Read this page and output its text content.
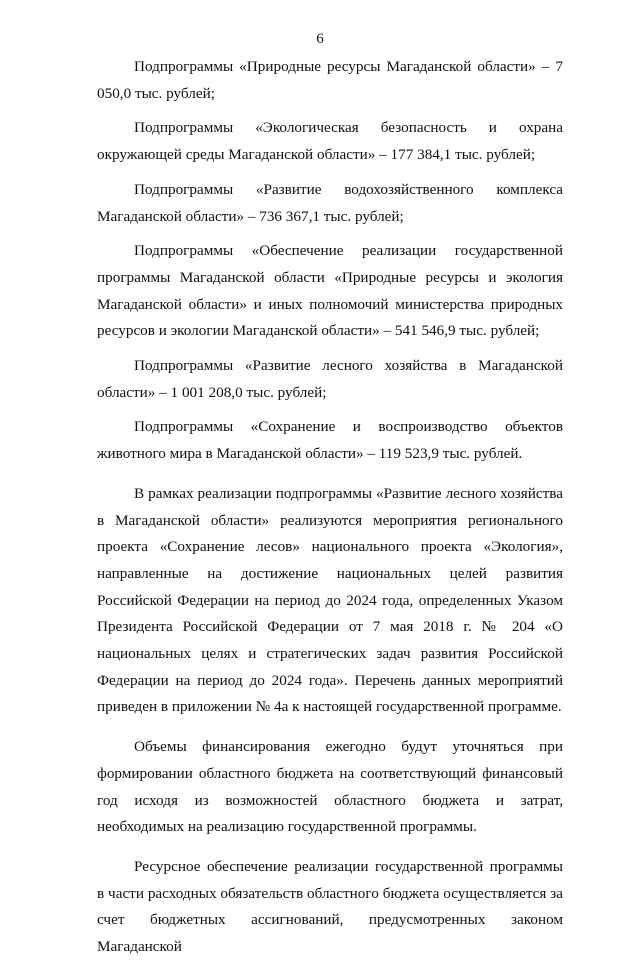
6

Подпрограммы «Природные ресурсы Магаданской области» – 7 050,0 тыс. рублей;

Подпрограммы «Экологическая безопасность и охрана окружающей среды Магаданской области» – 177 384,1 тыс. рублей;

Подпрограммы «Развитие водохозяйственного комплекса Магаданской области» – 736 367,1 тыс. рублей;

Подпрограммы «Обеспечение реализации государственной программы Магаданской области «Природные ресурсы и экология Магаданской области» и иных полномочий министерства природных ресурсов и экологии Магаданской области» – 541 546,9 тыс. рублей;

Подпрограммы «Развитие лесного хозяйства в Магаданской области» – 1 001 208,0 тыс. рублей;

Подпрограммы «Сохранение и воспроизводство объектов животного мира в Магаданской области» – 119 523,9 тыс. рублей.

В рамках реализации подпрограммы «Развитие лесного хозяйства в Магаданской области» реализуются мероприятия регионального проекта «Сохранение лесов» национального проекта «Экология», направленные на достижение национальных целей развития Российской Федерации на период до 2024 года, определенных Указом Президента Российской Федерации от 7 мая 2018 г. № 204 «О национальных целях и стратегических задач развития Российской Федерации на период до 2024 года». Перечень данных мероприятий приведен в приложении № 4а к настоящей государственной программе.

Объемы финансирования ежегодно будут уточняться при формировании областного бюджета на соответствующий финансовый год исходя из возможностей областного бюджета и затрат, необходимых на реализацию государственной программы.

Ресурсное обеспечение реализации государственной программы в части расходных обязательств областного бюджета осуществляется за счет бюджетных ассигнований, предусмотренных законом Магаданской
